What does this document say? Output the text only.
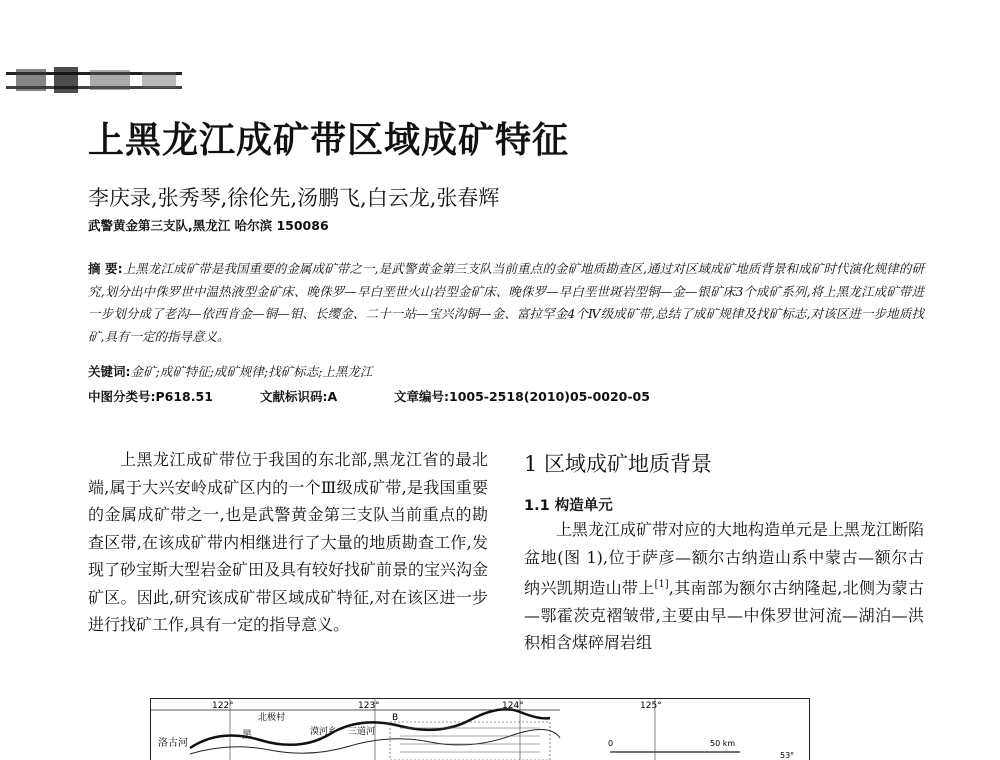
上黑龙江成矿带区域成矿特征
李庆录,张秀琴,徐伦先,汤鹏飞,白云龙,张春辉
武警黄金第三支队,黑龙江 哈尔滨 150086
摘 要:上黑龙江成矿带是我国重要的金属成矿带之一,是武警黄金第三支队当前重点的金矿地质勘查区,通过对区域成矿地质背景和成矿时代演化规律的研究,划分出中侏罗世中温热液型金矿床、晚侏罗—早白垩世火山岩型金矿床、晚侏罗—早白垩世斑岩型铜—金—银矿床3个成矿系列,将上黑龙江成矿带进一步划分成了老沟—依西肯金—铜—钼、长缨金、二十一站—宝兴沟铜—金、富拉罕金4个Ⅳ级成矿带,总结了成矿规律及找矿标志,对该区进一步地质找矿,具有一定的指导意义。
关键词:金矿;成矿特征;成矿规律;找矿标志;上黑龙江
中图分类号:P618.51	文献标识码:A	文章编号:1005-2518(2010)05-0020-05

上黑龙江成矿带位于我国的东北部,黑龙江省的最北端,属于大兴安岭成矿区内的一个Ⅲ级成矿带,是我国重要的金属成矿带之一,也是武警黄金第三支队当前重点的勘查区带,在该成矿带内相继进行了大量的地质勘查工作,发现了砂宝斯大型岩金矿田及具有较好找矿前景的宝兴沟金矿区。因此,研究该成矿带区域成矿特征,对在该区进一步进行找矿工作,具有一定的指导意义。

1 区域成矿地质背景
1.1 构造单元

上黑龙江成矿带对应的大地构造单元是上黑龙江断陷盆地(图 1),位于萨彦—额尔古纳造山系中蒙古—额尔古纳兴凯期造山带上[1],其南部为额尔古纳隆起,北侧为蒙古—鄂霍茨克褶皱带,主要由早—中侏罗世河流—湖泊—洪积相含煤碎屑岩组

122°	123°	124°	125°
北极村
洛古河
漠河乡 三道河
黑
B
0	50 km
53°
